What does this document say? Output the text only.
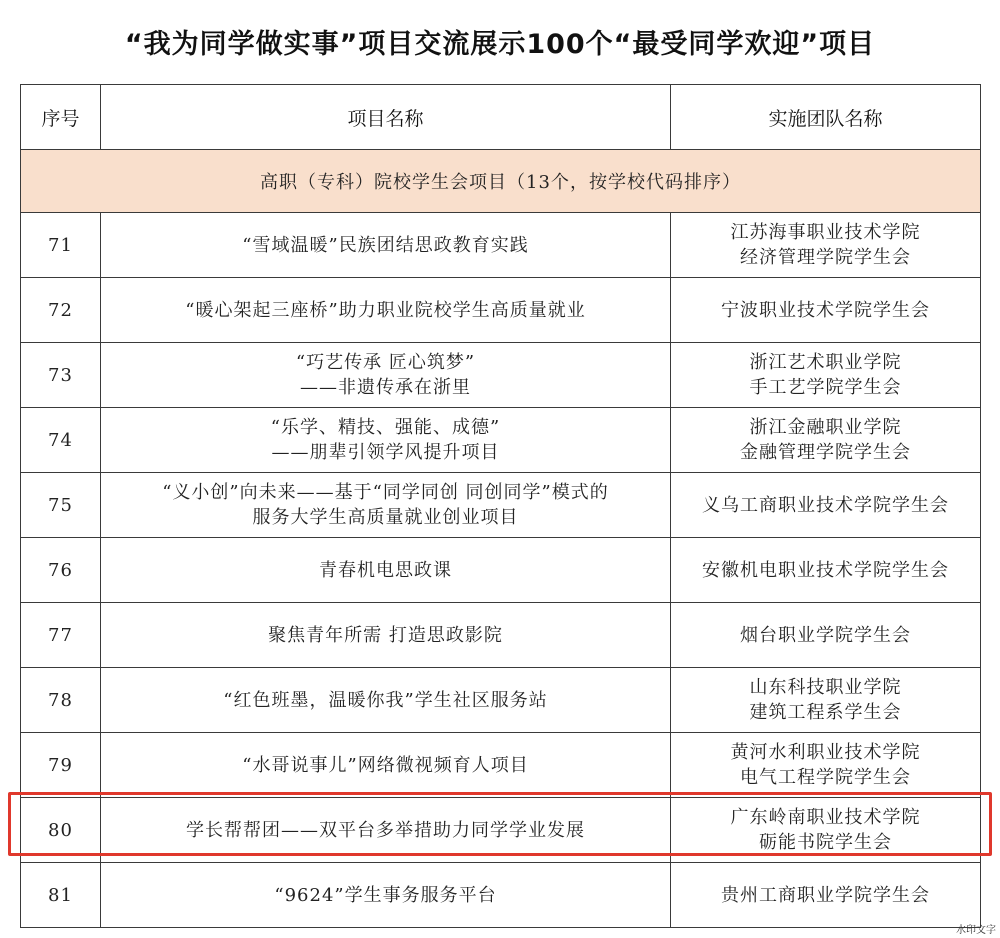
“我为同学做实事”项目交流展示100个“最受同学欢迎”项目
序号	项目名称	实施团队名称
高职（专科）院校学生会项目（13个，按学校代码排序）		
71	“雪域温暖”民族团结思政教育实践	江苏海事职业技术学院
经济管理学院学生会

72	“暖心架起三座桥”助力职业院校学生高质量就业	宁波职业技术学院学生会

73	“巧艺传承 匠心筑梦”
——非遗传承在浙里	浙江艺术职业学院
手工艺学院学生会

74	“乐学、精技、强能、成德”
——朋辈引领学风提升项目	浙江金融职业学院
金融管理学院学生会

75	“义小创”向未来——基于“同学同创 同创同学”模式的
服务大学生高质量就业创业项目	义乌工商职业技术学院学生会

76	青春机电思政课	安徽机电职业技术学院学生会

77	聚焦青年所需 打造思政影院	烟台职业学院学生会

78	“红色班墨，温暖你我”学生社区服务站	山东科技职业学院
建筑工程系学生会

79	“水哥说事儿”网络微视频育人项目	黄河水利职业技术学院
电气工程学院学生会

80	学长帮帮团——双平台多举措助力同学学业发展	广东岭南职业技术学院
砺能书院学生会

81	“9624”学生事务服务平台	贵州工商职业学院学生会
水印文字
